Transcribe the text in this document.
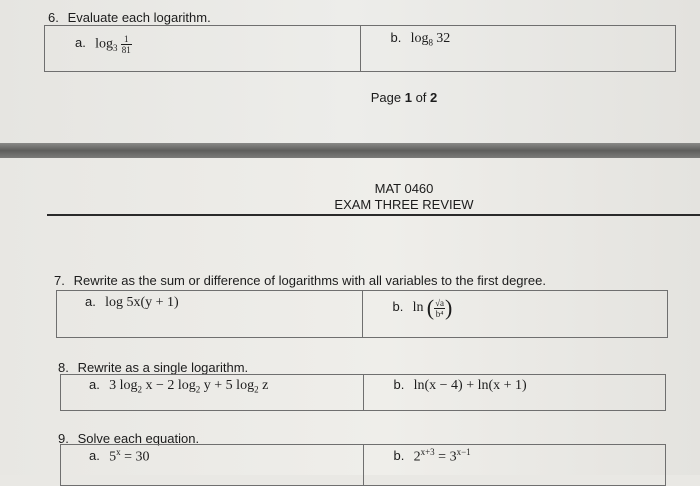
6. Evaluate each logarithm.
a. $\log_3 \frac{1}{81}$	b. $\log_8 32$
Page 1 of 2
MAT 0460
EXAM THREE REVIEW
7. Rewrite as the sum or difference of logarithms with all variables to the first degree.
a. log 5x(y + 1)	b. ln ( $\frac{√a}{\text{b⁴}}$ )
8. Rewrite as a single logarithm.
a. 3 $\log_2 x - 2$ $\log_2 y + 5$ $\log_2 z$	b. ln(x − 4) + ln(x + 1)
9. Solve each equation.
a. $5^x = 30$	b. $2^{x+3} = 3^{x-1}$
